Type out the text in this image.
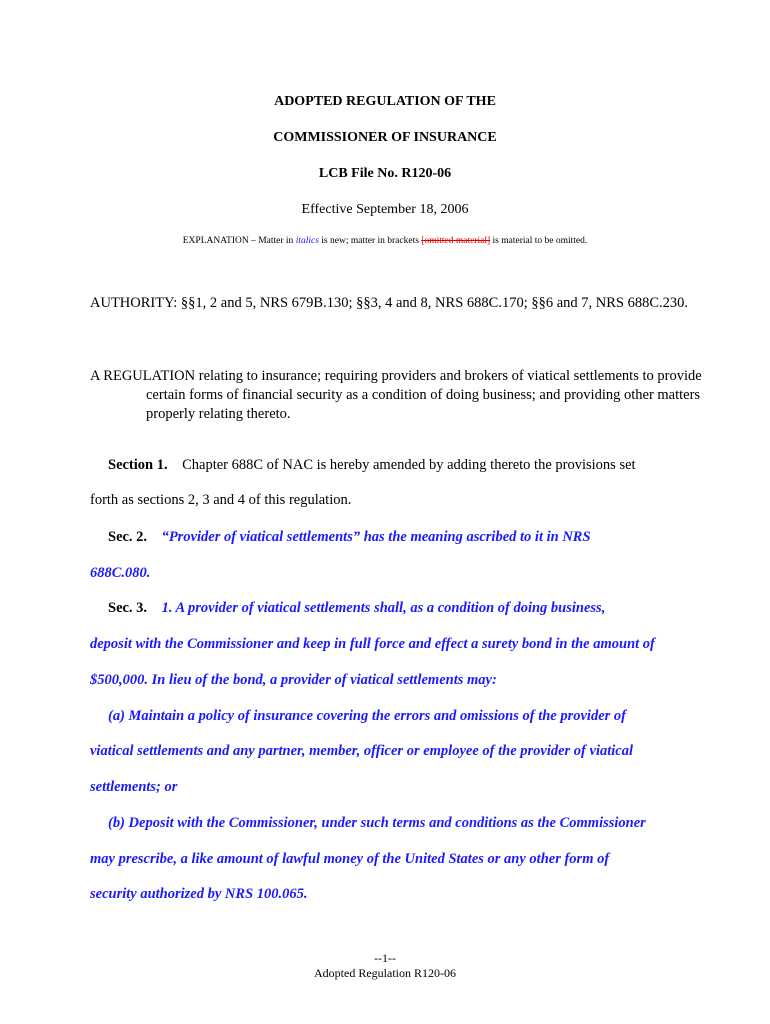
ADOPTED REGULATION OF THE
COMMISSIONER OF INSURANCE
LCB File No. R120-06
Effective September 18, 2006
EXPLANATION – Matter in italics is new; matter in brackets [omitted material] is material to be omitted.
AUTHORITY: §§1, 2 and 5, NRS 679B.130; §§3, 4 and 8, NRS 688C.170; §§6 and 7, NRS 688C.230.
A REGULATION relating to insurance; requiring providers and brokers of viatical settlements to provide certain forms of financial security as a condition of doing business; and providing other matters properly relating thereto.
Section 1. Chapter 688C of NAC is hereby amended by adding thereto the provisions set
forth as sections 2, 3 and 4 of this regulation.
Sec. 2. “Provider of viatical settlements” has the meaning ascribed to it in NRS
688C.080.
Sec. 3. 1. A provider of viatical settlements shall, as a condition of doing business,
deposit with the Commissioner and keep in full force and effect a surety bond in the amount of
$500,000. In lieu of the bond, a provider of viatical settlements may:
(a) Maintain a policy of insurance covering the errors and omissions of the provider of
viatical settlements and any partner, member, officer or employee of the provider of viatical
settlements; or
(b) Deposit with the Commissioner, under such terms and conditions as the Commissioner
may prescribe, a like amount of lawful money of the United States or any other form of
security authorized by NRS 100.065.
--1--
Adopted Regulation R120-06
